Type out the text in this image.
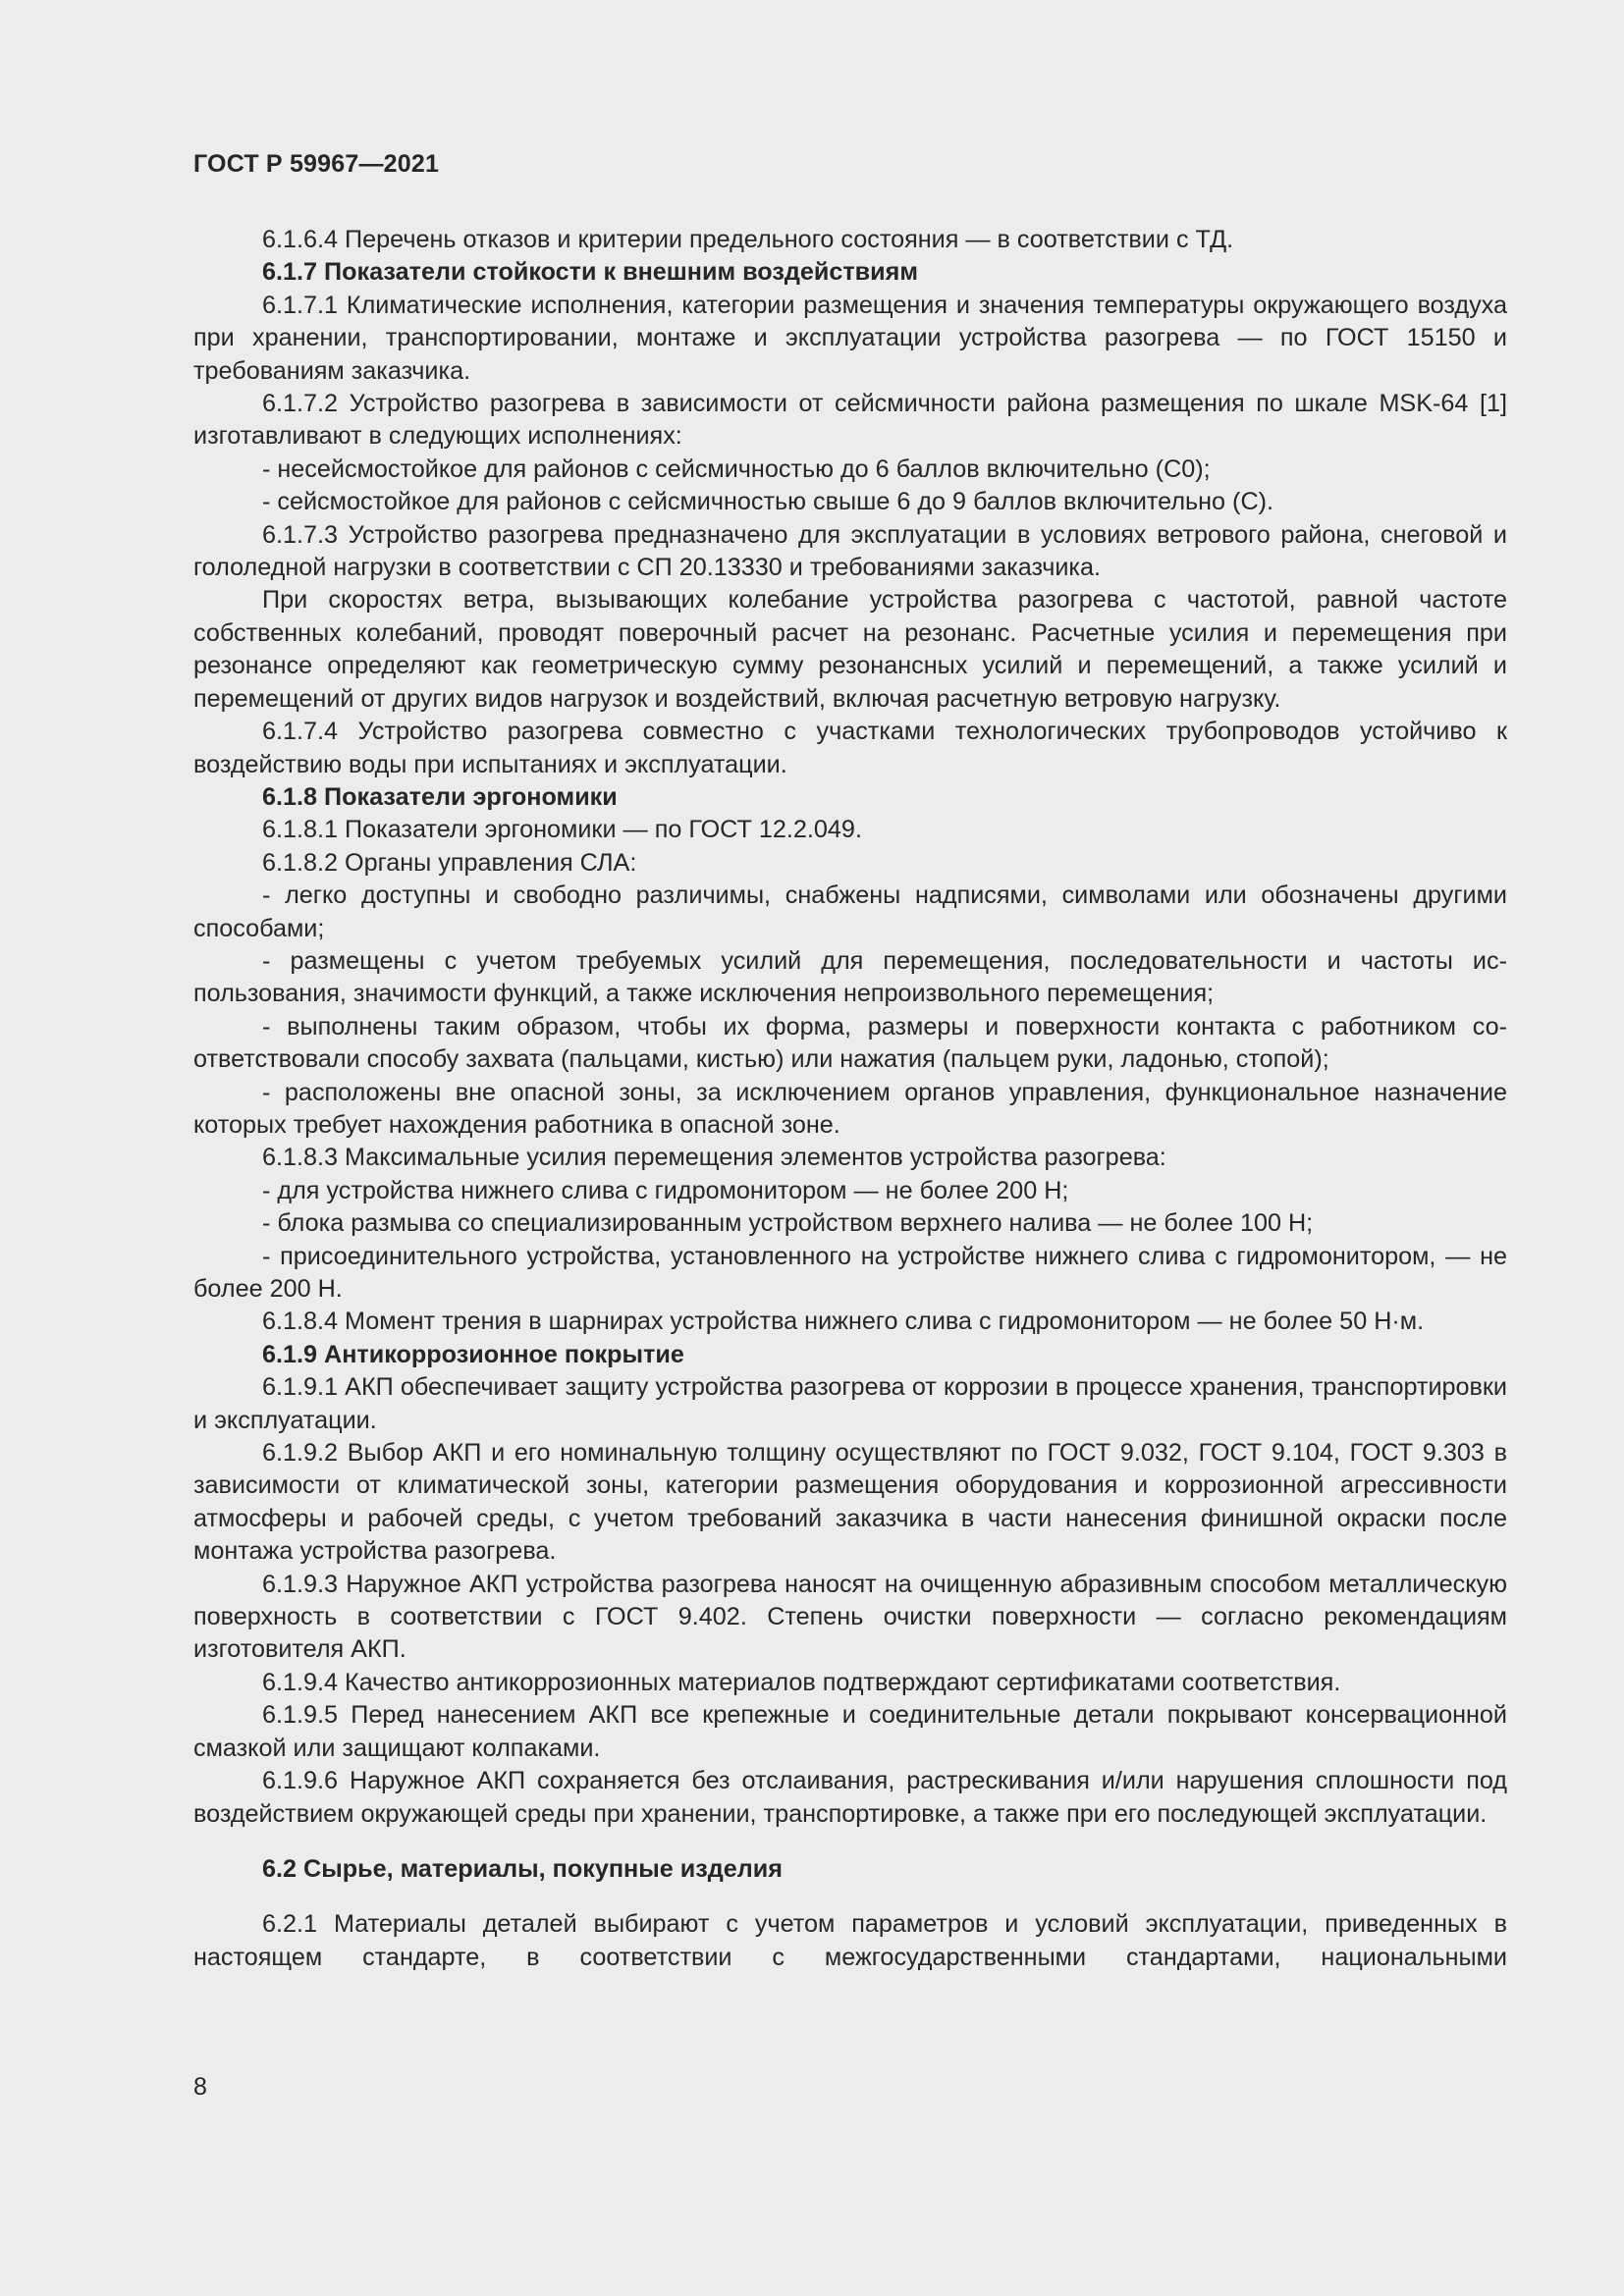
ГОСТ Р 59967—2021

6.1.6.4 Перечень отказов и критерии предельного состояния — в соответствии с ТД.

6.1.7 Показатели стойкости к внешним воздействиям

6.1.7.1 Климатические исполнения, категории размещения и значения температуры окружающего воздуха при хранении, транспортировании, монтаже и эксплуатации устройства разогрева — по ГОСТ 15150 и требованиям заказчика.

6.1.7.2 Устройство разогрева в зависимости от сейсмичности района размещения по шкале MSK-64 [1] изготавливают в следующих исполнениях:

- несейсмостойкое для районов с сейсмичностью до 6 баллов включительно (С0);

- сейсмостойкое для районов с сейсмичностью свыше 6 до 9 баллов включительно (С).

6.1.7.3 Устройство разогрева предназначено для эксплуатации в условиях ветрового района, снеговой и гололедной нагрузки в соответствии с СП 20.13330 и требованиями заказчика.

При скоростях ветра, вызывающих колебание устройства разогрева с частотой, равной частоте собственных колебаний, проводят поверочный расчет на резонанс. Расчетные усилия и перемещения при резонансе определяют как геометрическую сумму резонансных усилий и перемещений, а также усилий и перемещений от других видов нагрузок и воздействий, включая расчетную ветровую нагрузку.

6.1.7.4 Устройство разогрева совместно с участками технологических трубопроводов устойчиво к воздействию воды при испытаниях и эксплуатации.

6.1.8 Показатели эргономики

6.1.8.1 Показатели эргономики — по ГОСТ 12.2.049.

6.1.8.2 Органы управления СЛА:

- легко доступны и свободно различимы, снабжены надписями, символами или обозначены другими способами;

- размещены с учетом требуемых усилий для перемещения, последовательности и частоты использования, значимости функций, а также исключения непроизвольного перемещения;

- выполнены таким образом, чтобы их форма, размеры и поверхности контакта с работником соответствовали способу захвата (пальцами, кистью) или нажатия (пальцем руки, ладонью, стопой);

- расположены вне опасной зоны, за исключением органов управления, функциональное назначение которых требует нахождения работника в опасной зоне.

6.1.8.3 Максимальные усилия перемещения элементов устройства разогрева:

- для устройства нижнего слива с гидромонитором — не более 200 Н;

- блока размыва со специализированным устройством верхнего налива — не более 100 Н;

- присоединительного устройства, установленного на устройстве нижнего слива с гидромонитором, — не более 200 Н.

6.1.8.4 Момент трения в шарнирах устройства нижнего слива с гидромонитором — не более 50 Н·м.

6.1.9 Антикоррозионное покрытие

6.1.9.1 АКП обеспечивает защиту устройства разогрева от коррозии в процессе хранения, транспортировки и эксплуатации.

6.1.9.2 Выбор АКП и его номинальную толщину осуществляют по ГОСТ 9.032, ГОСТ 9.104, ГОСТ 9.303 в зависимости от климатической зоны, категории размещения оборудования и коррозионной агрессивности атмосферы и рабочей среды, с учетом требований заказчика в части нанесения финишной окраски после монтажа устройства разогрева.

6.1.9.3 Наружное АКП устройства разогрева наносят на очищенную абразивным способом металлическую поверхность в соответствии с ГОСТ 9.402. Степень очистки поверхности — согласно рекомендациям изготовителя АКП.

6.1.9.4 Качество антикоррозионных материалов подтверждают сертификатами соответствия.

6.1.9.5 Перед нанесением АКП все крепежные и соединительные детали покрывают консервационной смазкой или защищают колпаками.

6.1.9.6 Наружное АКП сохраняется без отслаивания, растрескивания и/или нарушения сплошности под воздействием окружающей среды при хранении, транспортировке, а также при его последующей эксплуатации.

6.2 Сырье, материалы, покупные изделия

6.2.1 Материалы деталей выбирают с учетом параметров и условий эксплуатации, приведенных в настоящем стандарте, в соответствии с межгосударственными стандартами, национальными

8
